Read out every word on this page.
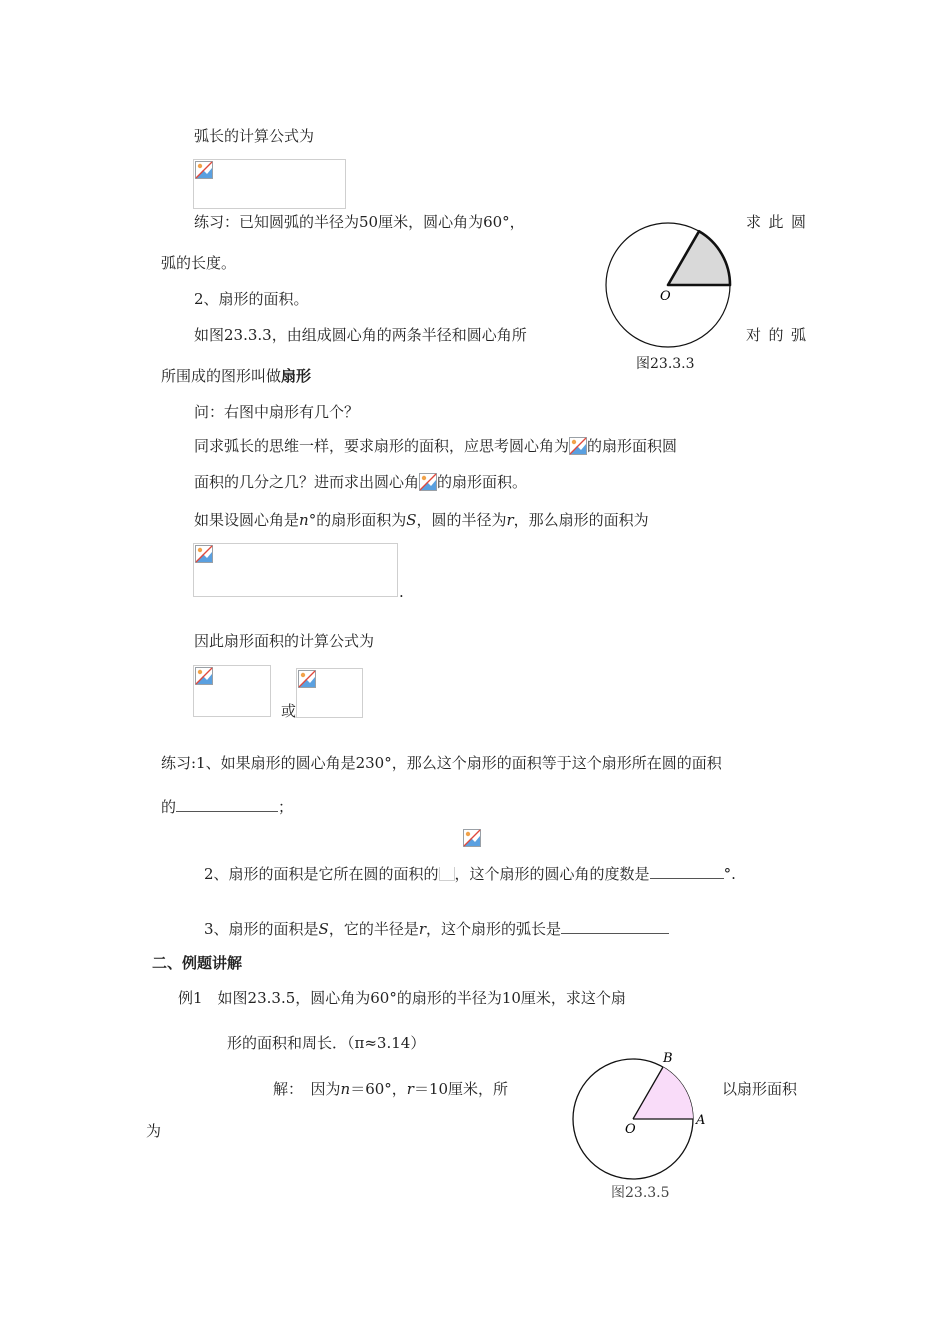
弧长的计算公式为
练习：已知圆弧的半径为50厘米，圆心角为60°，	求 此 圆
弧的长度。
O
图23.3.3
2、扇形的面积。
如图23.3.3，由组成圆心角的两条半径和圆心角所	对 的 弧
所围成的图形叫做扇形
问：右图中扇形有几个？
同求弧长的思维一样，要求扇形的面积，应思考圆心角为 的扇形面积圆
面积的几分之几？进而求出圆心角 的扇形面积。
如果设圆心角是n°的扇形面积为S，圆的半径为r，那么扇形的面积为
.
因此扇形面积的计算公式为
或
练习:1、如果扇形的圆心角是230°，那么这个扇形的面积等于这个扇形所在圆的面积
的	；
2、扇形的面积是它所在圆的面积的 ，这个扇形的圆心角的度数是	°.
3、扇形的面积是S，它的半径是r，这个扇形的弧长是
二、例题讲解
例1　如图23.3.5，圆心角为60°的扇形的半径为10厘米，求这个扇
形的面积和周长．（π≈3.14）
解：　因为n＝60°，r＝10厘米，所	以扇形面积
为	O
A
B
图23.3.5
